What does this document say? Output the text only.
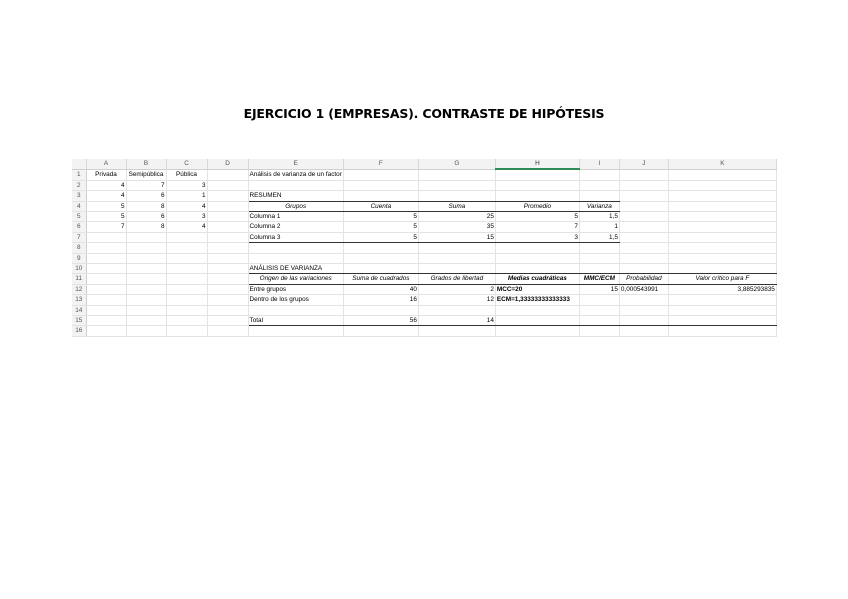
EJERCICIO 1 (EMPRESAS). CONTRASTE DE HIPÓTESIS
	A	B	C	D	E	F	G	H	I	J	K
1	Privada	Semipública	Pública		Análisis de varianza de un factor						
2	4	7	3								
3	4	6	1		RESUMEN						
4	5	8	4		Grupos	Cuenta	Suma	Promedio	Varianza		
5	5	6	3		Columna 1	5	25	5	1,5		
6	7	8	4		Columna 2	5	35	7	1		
7					Columna 3	5	15	3	1,5		
8											
9											
10					ANÁLISIS DE VARIANZA						
11					Origen de las variaciones	Suma de cuadrados	Grados de libertad	Medias cuadráticas	MMC/ECM	Probabilidad	Valor crítico para F
12					Entre grupos	40	2	MCC=20	15	0,000543991	3,885293835
13					Dentro de los grupos	16	12	ECM=1,33333333333333			
14											
15					Total	56	14				
16											
